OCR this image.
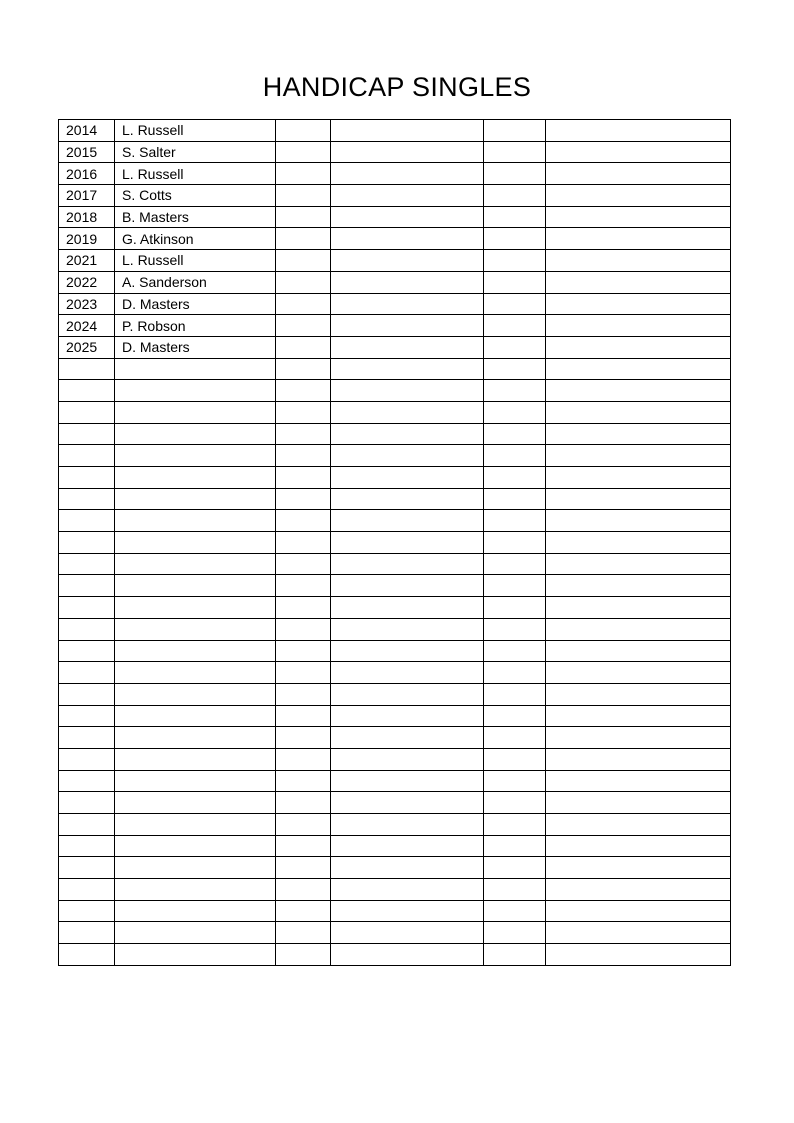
HANDICAP SINGLES
2014	L. Russell				
2015	S. Salter				
2016	L. Russell				
2017	S. Cotts				
2018	B. Masters				
2019	G. Atkinson				
2021	L. Russell				
2022	A. Sanderson				
2023	D. Masters				
2024	P. Robson				
2025	D. Masters				
